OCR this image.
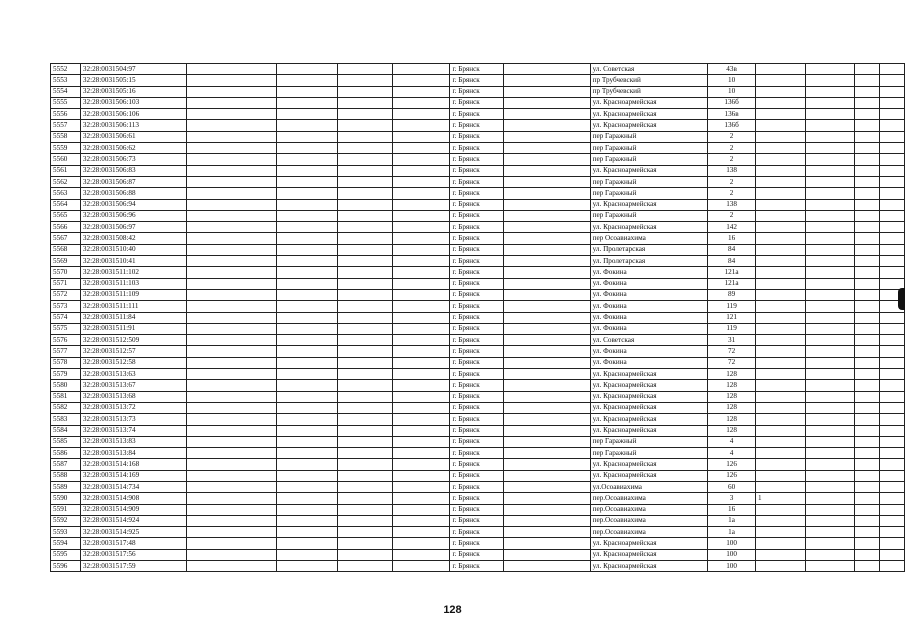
5552	32:28:0031504:97					г. Брянск		ул. Советская	43в				
5553	32:28:0031505:15					г. Брянск		пр Трубчевский	10				
5554	32:28:0031505:16					г. Брянск		пр Трубчевский	10				
5555	32:28:0031506:103					г. Брянск		ул. Красноармейская	136б				
5556	32:28:0031506:106					г. Брянск		ул. Красноармейская	136в				
5557	32:28:0031506:113					г. Брянск		ул. Красноармейская	136б				
5558	32:28:0031506:61					г. Брянск		пер Гаражный	2				
5559	32:28:0031506:62					г. Брянск		пер Гаражный	2				
5560	32:28:0031506:73					г. Брянск		пер Гаражный	2				
5561	32:28:0031506:83					г. Брянск		ул. Красноармейская	138				
5562	32:28:0031506:87					г. Брянск		пер Гаражный	2				
5563	32:28:0031506:88					г. Брянск		пер Гаражный	2				
5564	32:28:0031506:94					г. Брянск		ул. Красноармейская	138				
5565	32:28:0031506:96					г. Брянск		пер Гаражный	2				
5566	32:28:0031506:97					г. Брянск		ул. Красноармейская	142				
5567	32:28:0031508:42					г. Брянск		пер Осоавиахима	16				
5568	32:28:0031510:40					г. Брянск		ул. Пролетарская	84				
5569	32:28:0031510:41					г. Брянск		ул. Пролетарская	84				
5570	32:28:0031511:102					г. Брянск		ул. Фокина	121а				
5571	32:28:0031511:103					г. Брянск		ул. Фокина	121а				
5572	32:28:0031511:109					г. Брянск		ул. Фокина	89				
5573	32:28:0031511:111					г. Брянск		ул. Фокина	119				
5574	32:28:0031511:84					г. Брянск		ул. Фокина	121				
5575	32:28:0031511:91					г. Брянск		ул. Фокина	119				
5576	32:28:0031512:509					г. Брянск		ул. Советская	31				
5577	32:28:0031512:57					г. Брянск		ул. Фокина	72				
5578	32:28:0031512:58					г. Брянск		ул. Фокина	72				
5579	32:28:0031513:63					г. Брянск		ул. Красноармейская	128				
5580	32:28:0031513:67					г. Брянск		ул. Красноармейская	128				
5581	32:28:0031513:68					г. Брянск		ул. Красноармейская	128				
5582	32:28:0031513:72					г. Брянск		ул. Красноармейская	128				
5583	32:28:0031513:73					г. Брянск		ул. Красноармейская	128				
5584	32:28:0031513:74					г. Брянск		ул. Красноармейская	128				
5585	32:28:0031513:83					г. Брянск		пер Гаражный	4				
5586	32:28:0031513:84					г. Брянск		пер Гаражный	4				
5587	32:28:0031514:168					г. Брянск		ул. Красноармейская	126				
5588	32:28:0031514:169					г. Брянск		ул. Красноармейская	126				
5589	32:28:0031514:734					г. Брянск		ул.Осоавиахима	60				
5590	32:28:0031514:908					г. Брянск		пер.Осоавиахима	3	1			
5591	32:28:0031514:909					г. Брянск		пер.Осоавиахима	16				
5592	32:28:0031514:924					г. Брянск		пер.Осоавиахима	1а				
5593	32:28:0031514:925					г. Брянск		пер.Осоавиахима	1а				
5594	32:28:0031517:48					г. Брянск		ул. Красноармейская	100				
5595	32:28:0031517:56					г. Брянск		ул. Красноармейская	100				
5596	32:28:0031517:59					г. Брянск		ул. Красноармейская	100				
128
